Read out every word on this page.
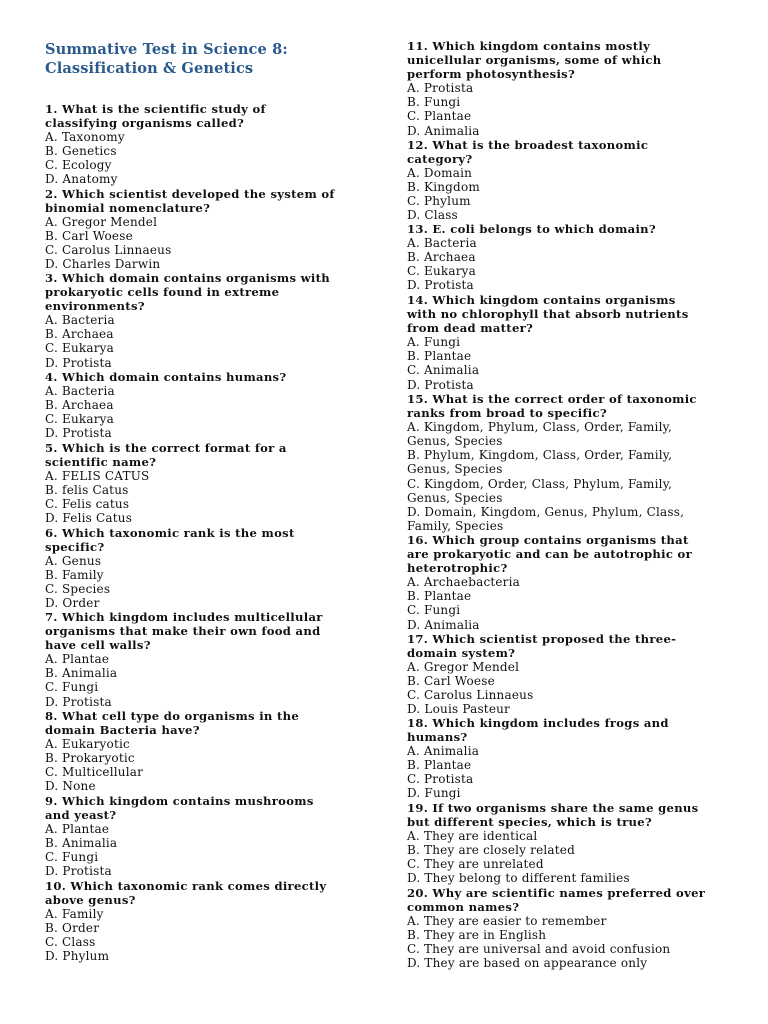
Summative Test in Science 8:
Classification & Genetics

1. What is the scientific study of
classifying organisms called?

A. Taxonomy

B. Genetics

C. Ecology

D. Anatomy

2. Which scientist developed the system of
binomial nomenclature?

A. Gregor Mendel

B. Carl Woese

C. Carolus Linnaeus

D. Charles Darwin

3. Which domain contains organisms with
prokaryotic cells found in extreme
environments?

A. Bacteria

B. Archaea

C. Eukarya

D. Protista

4. Which domain contains humans?

A. Bacteria

B. Archaea

C. Eukarya

D. Protista

5. Which is the correct format for a
scientific name?

A. FELIS CATUS

B. felis Catus

C. Felis catus

D. Felis Catus

6. Which taxonomic rank is the most
specific?

A. Genus

B. Family

C. Species

D. Order

7. Which kingdom includes multicellular
organisms that make their own food and
have cell walls?

A. Plantae

B. Animalia

C. Fungi

D. Protista

8. What cell type do organisms in the
domain Bacteria have?

A. Eukaryotic

B. Prokaryotic

C. Multicellular

D. None

9. Which kingdom contains mushrooms
and yeast?

A. Plantae

B. Animalia

C. Fungi

D. Protista

10. Which taxonomic rank comes directly
above genus?

A. Family

B. Order

C. Class

D. Phylum

11. Which kingdom contains mostly
unicellular organisms, some of which
perform photosynthesis?

A. Protista

B. Fungi

C. Plantae

D. Animalia

12. What is the broadest taxonomic
category?

A. Domain

B. Kingdom

C. Phylum

D. Class

13. E. coli belongs to which domain?

A. Bacteria

B. Archaea

C. Eukarya

D. Protista

14. Which kingdom contains organisms
with no chlorophyll that absorb nutrients
from dead matter?

A. Fungi

B. Plantae

C. Animalia

D. Protista

15. What is the correct order of taxonomic
ranks from broad to specific?

A. Kingdom, Phylum, Class, Order, Family,
Genus, Species

B. Phylum, Kingdom, Class, Order, Family,
Genus, Species

C. Kingdom, Order, Class, Phylum, Family,
Genus, Species

D. Domain, Kingdom, Genus, Phylum, Class,
Family, Species

16. Which group contains organisms that
are prokaryotic and can be autotrophic or
heterotrophic?

A. Archaebacteria

B. Plantae

C. Fungi

D. Animalia

17. Which scientist proposed the three-
domain system?

A. Gregor Mendel

B. Carl Woese

C. Carolus Linnaeus

D. Louis Pasteur

18. Which kingdom includes frogs and
humans?

A. Animalia

B. Plantae

C. Protista

D. Fungi

19. If two organisms share the same genus
but different species, which is true?

A. They are identical

B. They are closely related

C. They are unrelated

D. They belong to different families

20. Why are scientific names preferred over
common names?

A. They are easier to remember

B. They are in English

C. They are universal and avoid confusion

D. They are based on appearance only
